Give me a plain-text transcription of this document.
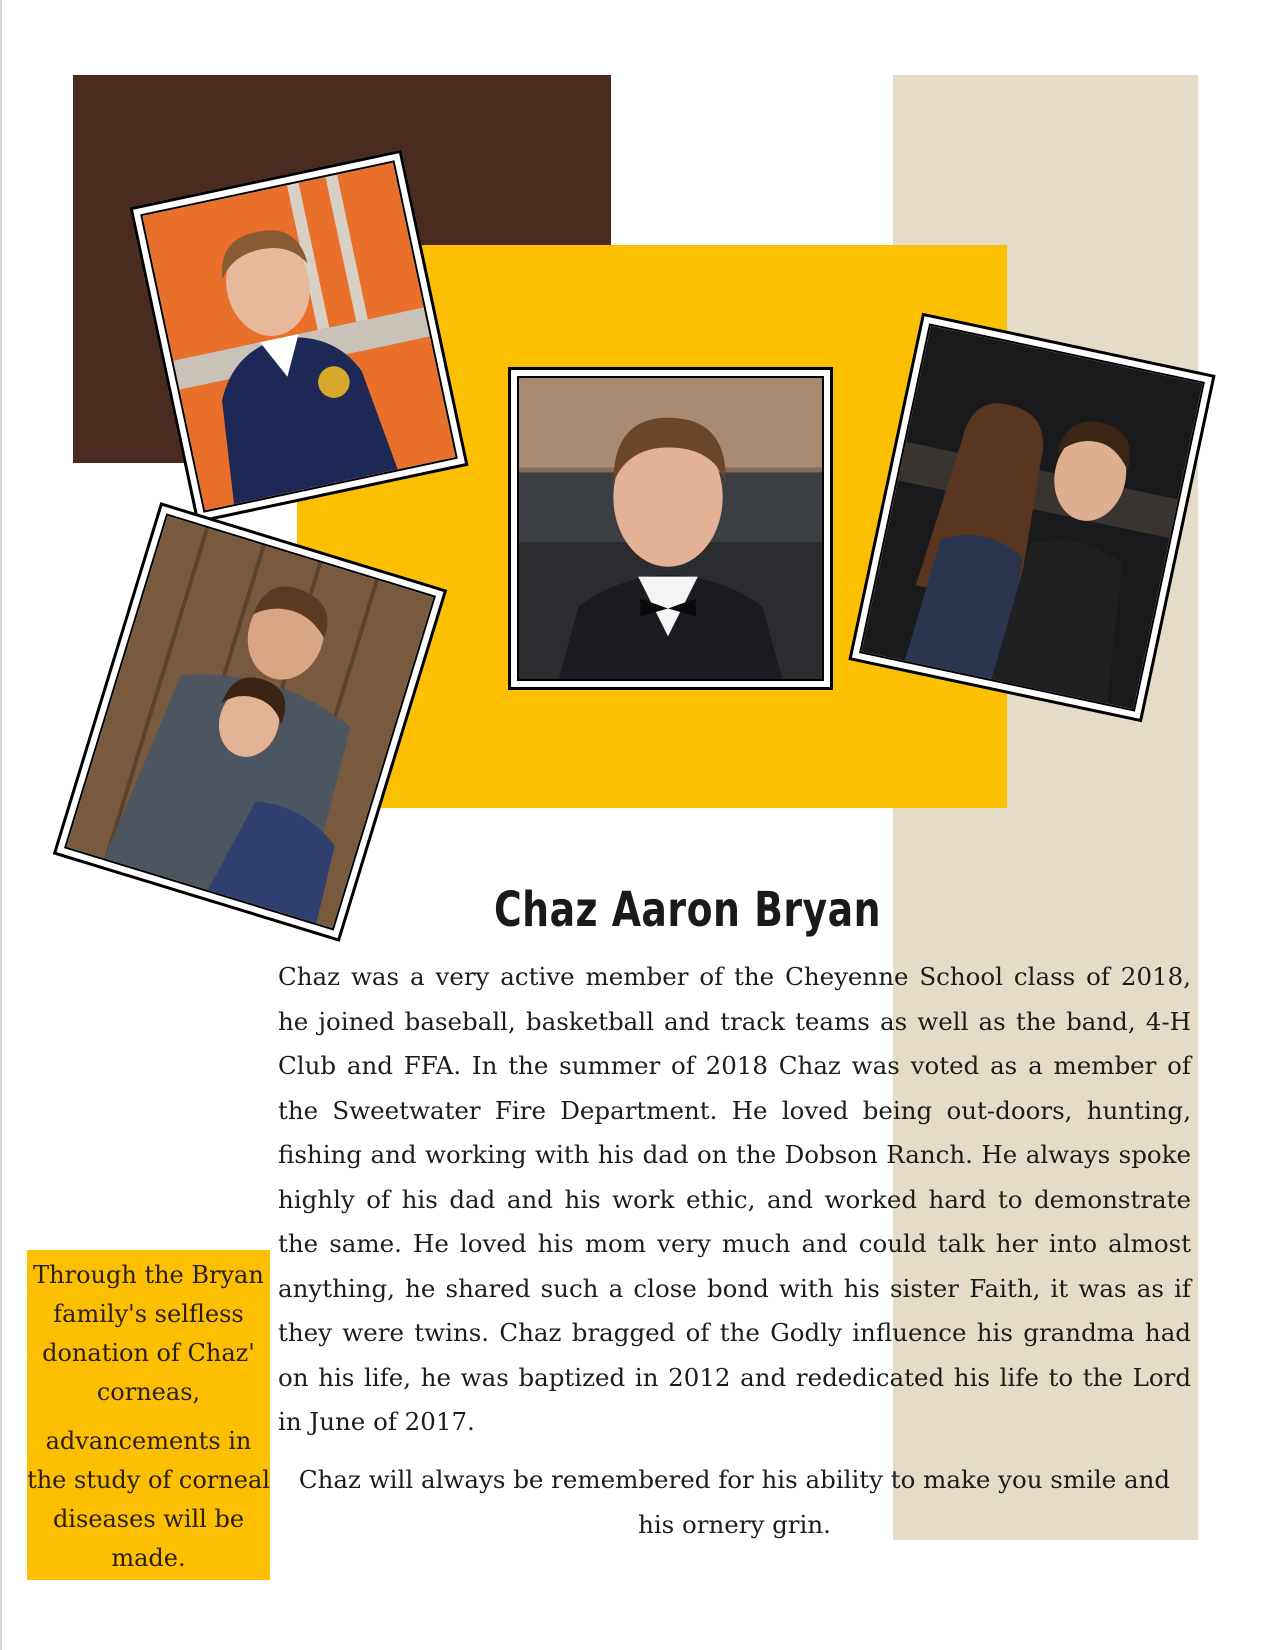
Chaz Aaron Bryan

Chaz was a very active member of the Cheyenne School class of 2018, he joined baseball, basketball and track teams as well as the band, 4-H Club and FFA. In the summer of 2018 Chaz was voted as a member of the Sweetwater Fire Department. He loved being out-doors, hunting, fishing and working with his dad on the Dobson Ranch. He always spoke highly of his dad and his work ethic, and worked hard to demonstrate the same. He loved his mom very much and could talk her into almost anything, he shared such a close bond with his sister Faith, it was as if they were twins. Chaz bragged of the Godly influence his grandma had on his life, he was baptized in 2012 and rededicated his life to the Lord in June of 2017.

Chaz will always be remembered for his ability to make you smile and his ornery grin.

Through the Bryan family's selfless donation of Chaz' corneas,

advancements in the study of corneal diseases will be made.
